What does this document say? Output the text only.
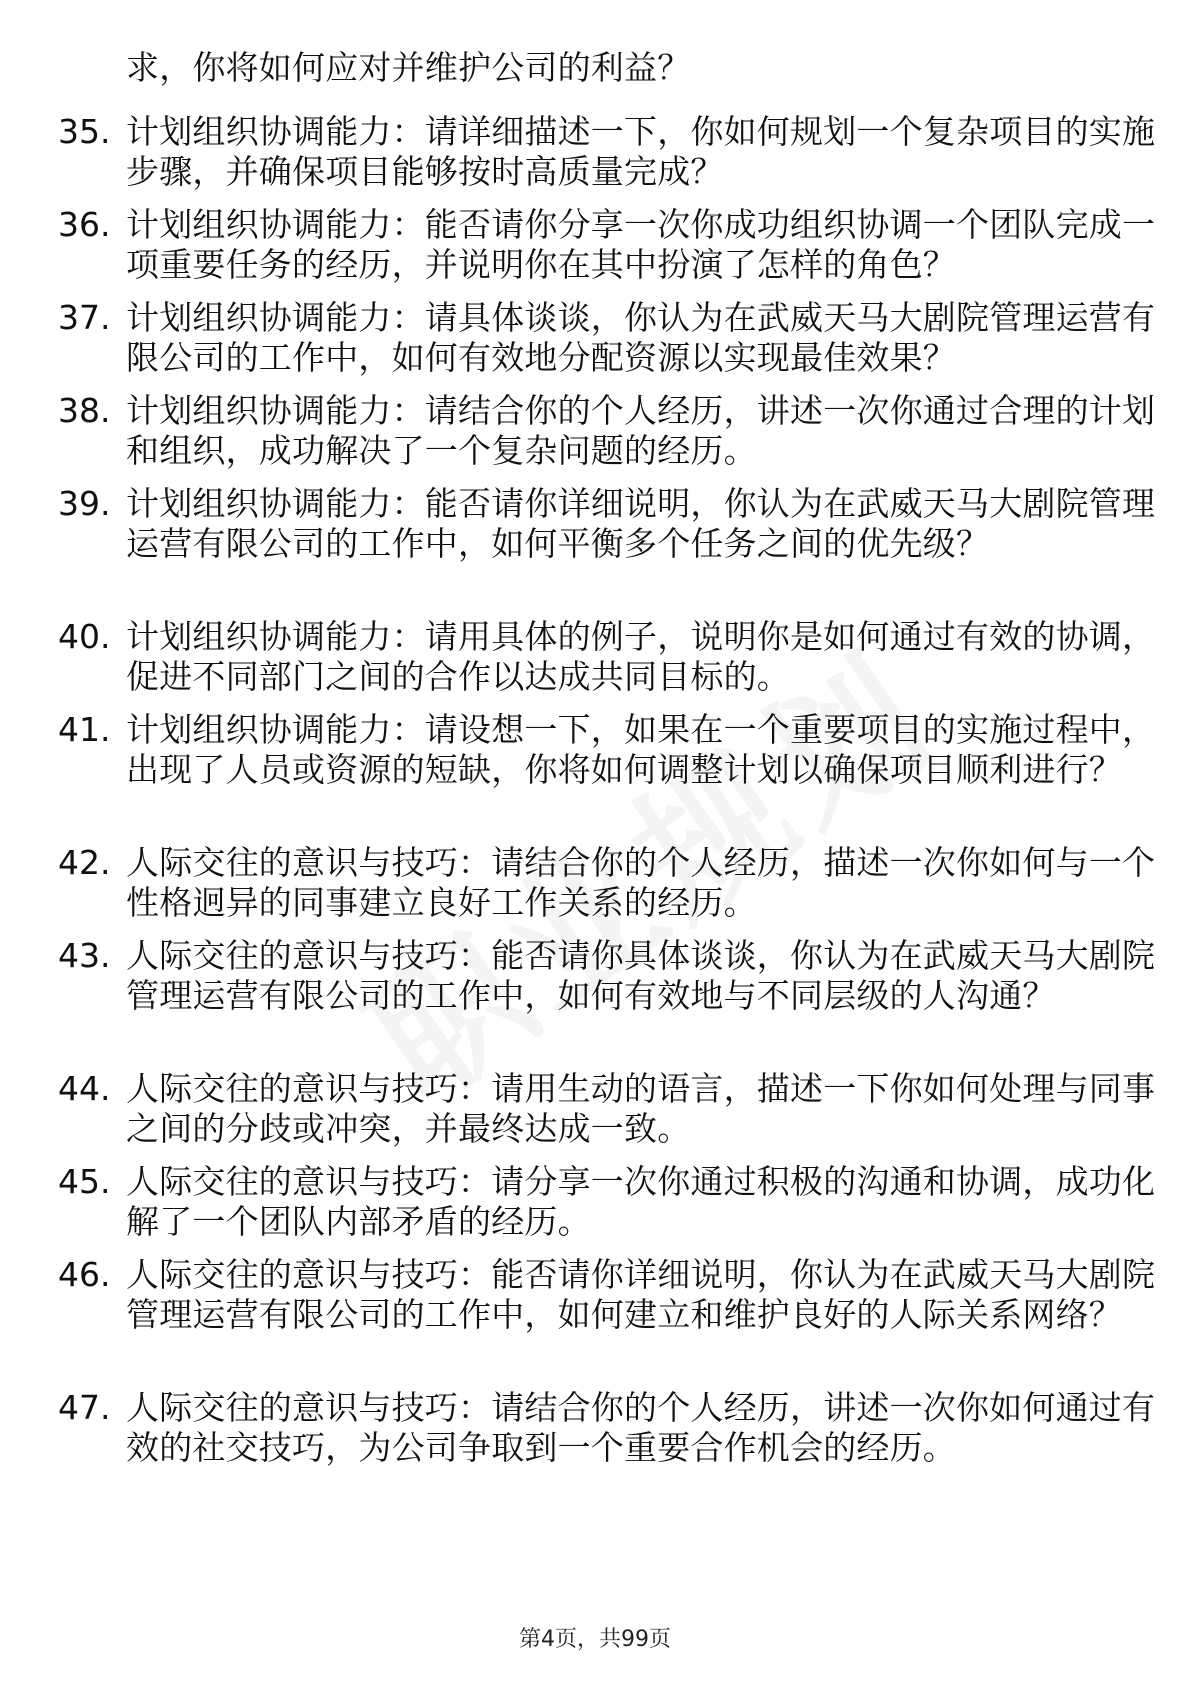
求，你将如何应对并维护公司的利益？
35. 计划组织协调能力：请详细描述一下，你如何规划一个复杂项目的实施步骤，并确保项目能够按时高质量完成？
36. 计划组织协调能力：能否请你分享一次你成功组织协调一个团队完成一项重要任务的经历，并说明你在其中扮演了怎样的角色？
37. 计划组织协调能力：请具体谈谈，你认为在武威天马大剧院管理运营有限公司的工作中，如何有效地分配资源以实现最佳效果？
38. 计划组织协调能力：请结合你的个人经历，讲述一次你通过合理的计划和组织，成功解决了一个复杂问题的经历。
39. 计划组织协调能力：能否请你详细说明，你认为在武威天马大剧院管理运营有限公司的工作中，如何平衡多个任务之间的优先级？
40. 计划组织协调能力：请用具体的例子，说明你是如何通过有效的协调，促进不同部门之间的合作以达成共同目标的。
41. 计划组织协调能力：请设想一下，如果在一个重要项目的实施过程中，出现了人员或资源的短缺，你将如何调整计划以确保项目顺利进行？
42. 人际交往的意识与技巧：请结合你的个人经历，描述一次你如何与一个性格迥异的同事建立良好工作关系的经历。
43. 人际交往的意识与技巧：能否请你具体谈谈，你认为在武威天马大剧院管理运营有限公司的工作中，如何有效地与不同层级的人沟通？
44. 人际交往的意识与技巧：请用生动的语言，描述一下你如何处理与同事之间的分歧或冲突，并最终达成一致。
45. 人际交往的意识与技巧：请分享一次你通过积极的沟通和协调，成功化解了一个团队内部矛盾的经历。
46. 人际交往的意识与技巧：能否请你详细说明，你认为在武威天马大剧院管理运营有限公司的工作中，如何建立和维护良好的人际关系网络？
47. 人际交往的意识与技巧：请结合你的个人经历，讲述一次你如何通过有效的社交技巧，为公司争取到一个重要合作机会的经历。
第4页，共99页
